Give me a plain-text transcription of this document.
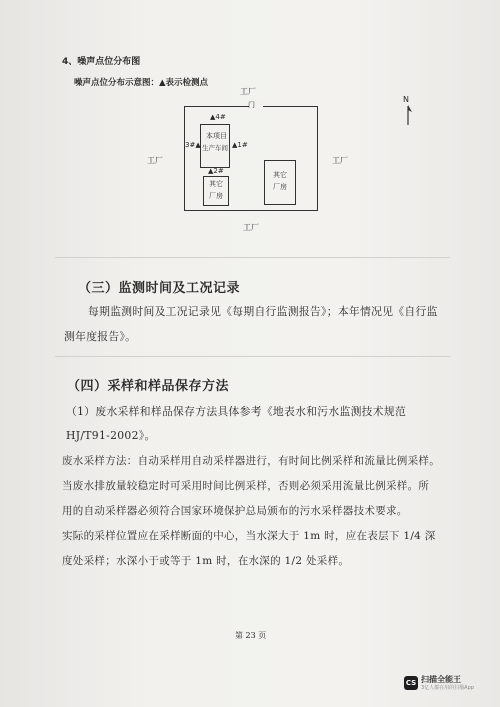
4、噪声点位分布图
噪声点位分布示意图：▲表示检测点
工厂
工厂	工厂
工厂
门
本项目
生产车间
其它
厂房
其它
厂房
▲4#
3#▲	▲1#
▲2#
N
（三）监测时间及工况记录
每期监测时间及工况记录见《每期自行监测报告》；本年情况见《自行监
测年度报告》。
（四）采样和样品保存方法
（1）废水采样和样品保存方法具体参考《地表水和污水监测技术规范
HJ/T91-2002》。
废水采样方法：自动采样用自动采样器进行，有时间比例采样和流量比例采样。
当废水排放量较稳定时可采用时间比例采样，否则必须采用流量比例采样。所
用的自动采样器必须符合国家环境保护总局颁布的污水采样器技术要求。
实际的采样位置应在采样断面的中心，当水深大于 1m 时，应在表层下 1/4 深
度处采样；水深小于或等于 1m 时，在水深的 1/2 处采样。
第 23 页
CS 扫描全能王
3亿人都在用的扫描App
